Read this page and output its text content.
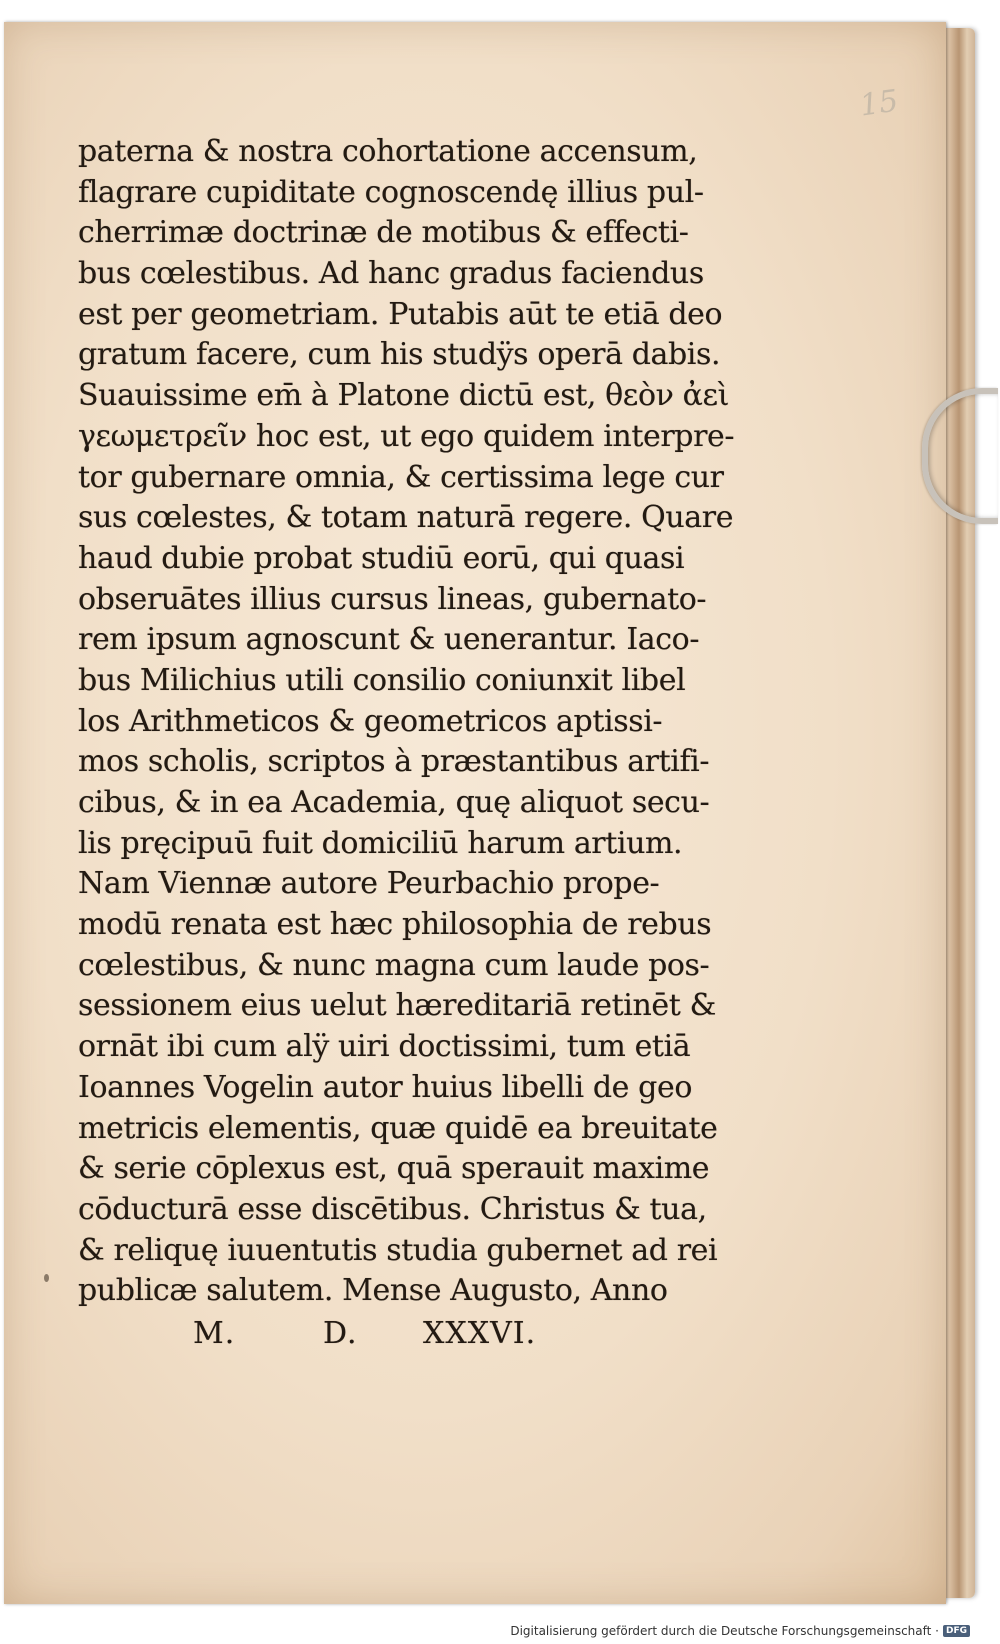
15
paterna & nostra cohortatione accensum,
flagrare cupiditate cognoscendę illius pul-
cherrimæ doctrinæ de motibus & effecti-
bus cœlestibus. Ad hanc gradus faciendus
est per geometriam. Putabis aūt te etiā deo
gratum facere, cum his studÿs operā dabis.
Suauissime em̄ à Platone dictū est, θεὸν ἀεὶ
γεωμετρεῖν hoc est, ut ego quidem interpre-
tor gubernare omnia, & certissima lege cur
sus cœlestes, & totam naturā regere. Quare
haud dubie probat studiū eorū, qui quasi
obseruātes illius cursus lineas, gubernato-
rem ipsum agnoscunt & uenerantur. Iaco-
bus Milichius utili consilio coniunxit libel
los Arithmeticos & geometricos aptissi-
mos scholis, scriptos à præstantibus artifi-
cibus, & in ea Academia, quę aliquot secu-
lis pręcipuū fuit domiciliū harum artium.
Nam Viennæ autore Peurbachio prope-
modū renata est hæc philosophia de rebus
cœlestibus, & nunc magna cum laude pos-
sessionem eius uelut hæreditariā retinēt &
ornāt ibi cum alÿ uiri doctissimi, tum etiā
Ioannes Vogelin autor huius libelli de geo
metricis elementis, quæ quidē ea breuitate
& serie cōplexus est, quā sperauit maxime
cōducturā esse discētibus. Christus & tua,
& reliquę iuuentutis studia gubernet ad rei
publicæ salutem. Mense Augusto, Anno
M.	D. XXXVI.
Digitalisierung gefördert durch die Deutsche Forschungsgemeinschaft · DFG
